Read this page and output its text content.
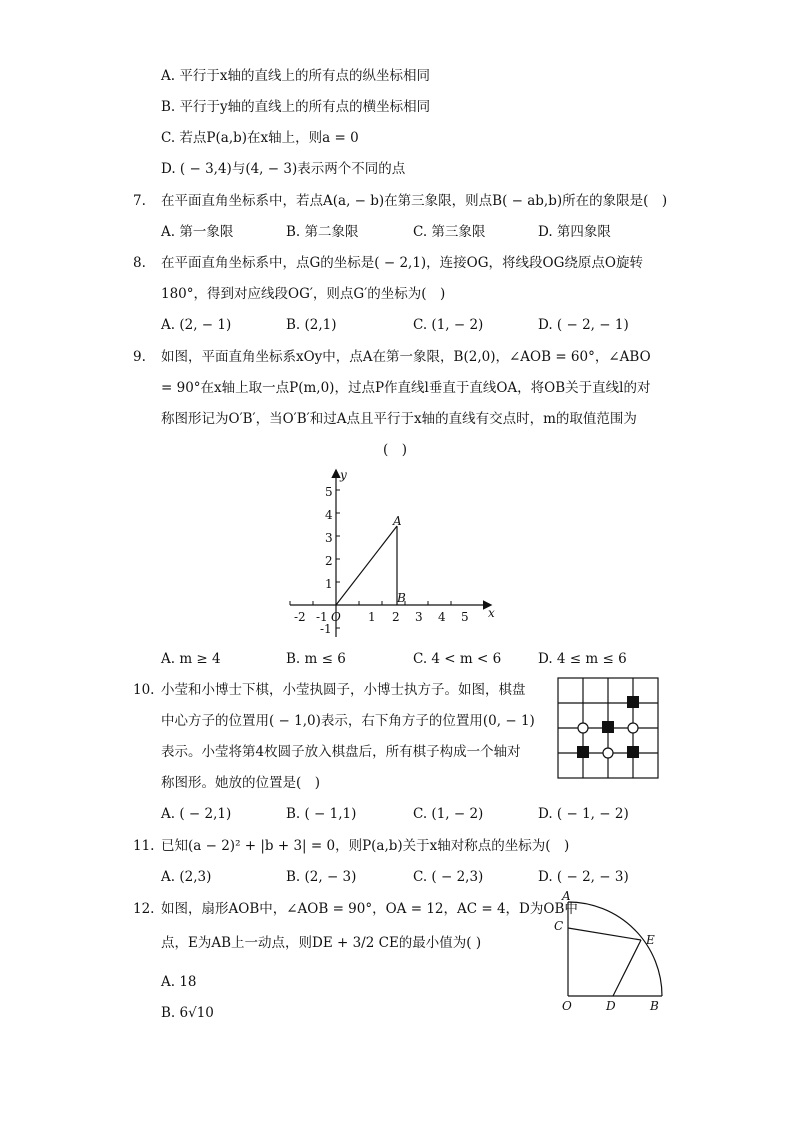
A. 平行于x轴的直线上的所有点的纵坐标相同
B. 平行于y轴的直线上的所有点的横坐标相同
C. 若点P(a,b)在x轴上，则a = 0
D. ( − 3,4)与(4, − 3)表示两个不同的点
7. 在平面直角坐标系中，若点A(a, − b)在第三象限，则点B( − ab,b)所在的象限是(　)
A. 第一象限	B. 第二象限	C. 第三象限	D. 第四象限
8. 在平面直角坐标系中，点G的坐标是( − 2,1)，连接OG，将线段OG绕原点O旋转
180°，得到对应线段OG′，则点G′的坐标为(　)
A. (2, − 1)	B. (2,1)	C. (1, − 2)	D. ( − 2, − 1)
9. 如图，平面直角坐标系xOy中，点A在第一象限，B(2,0)，∠AOB = 60°，∠ABO
= 90°在x轴上取一点P(m,0)，过点P作直线l垂直于直线OA，将OB关于直线l的对
称图形记为O′B′，当O′B′和过A点且平行于x轴的直线有交点时，m的取值范围为
(　)
-2 -1	1 2 3 4 5
5
4
3
2
1
-1
x
y
O
A
B
A. m ≥ 4	B. m ≤ 6	C. 4 < m < 6	D. 4 ≤ m ≤ 6
10. 小莹和小博士下棋，小莹执圆子，小博士执方子。如图，棋盘
中心方子的位置用( − 1,0)表示，右下角方子的位置用(0, − 1)
表示。小莹将第4枚圆子放入棋盘后，所有棋子构成一个轴对
称图形。她放的位置是(　)
A. ( − 2,1)	B. ( − 1,1)	C. (1, − 2)	D. ( − 1, − 2)
11. 已知(a − 2)² + |b + 3| = 0，则P(a,b)关于x轴对称点的坐标为(　)
A. (2,3)	B. (2, − 3)	C. ( − 2,3)	D. ( − 2, − 3)
12. 如图，扇形AOB中，∠AOB = 90°，OA = 12，AC = 4，D为OB中
点，E为AB上一动点，则DE + 3/2 CE的最小值为( )
A. 18
B. 6√10
A
C
E
O	D	B
